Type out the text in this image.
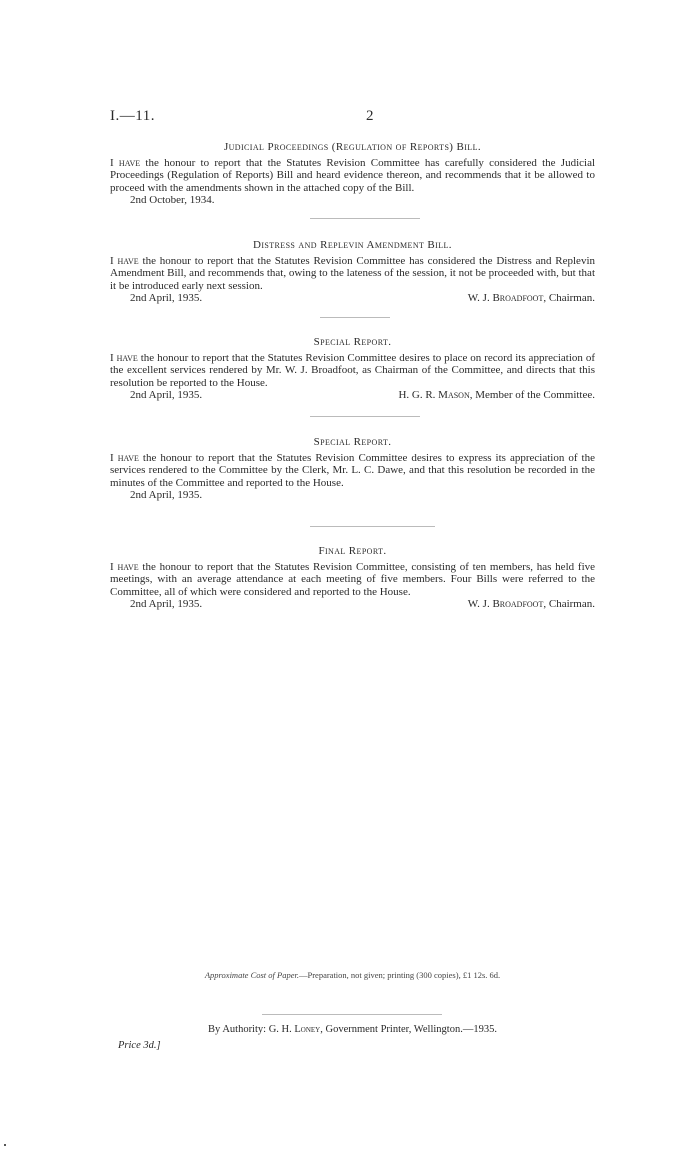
I.—11.	2
Judicial Proceedings (Regulation of Reports) Bill.

I have the honour to report that the Statutes Revision Committee has carefully considered the Judicial Proceedings (Regulation of Reports) Bill and heard evidence thereon, and recommends that it be allowed to proceed with the amendments shown in the attached copy of the Bill.

2nd October, 1934.
Distress and Replevin Amendment Bill.

I have the honour to report that the Statutes Revision Committee has considered the Distress and Replevin Amendment Bill, and recommends that, owing to the lateness of the session, it not be proceeded with, but that it be introduced early next session.

2nd April, 1935.	W. J. Broadfoot, Chairman.
Special Report.

I have the honour to report that the Statutes Revision Committee desires to place on record its appreciation of the excellent services rendered by Mr. W. J. Broadfoot, as Chairman of the Committee, and directs that this resolution be reported to the House.

2nd April, 1935.	H. G. R. Mason, Member of the Committee.
Special Report.

I have the honour to report that the Statutes Revision Committee desires to express its appreciation of the services rendered to the Committee by the Clerk, Mr. L. C. Dawe, and that this resolution be recorded in the minutes of the Committee and reported to the House.

2nd April, 1935.
Final Report.

I have the honour to report that the Statutes Revision Committee, consisting of ten members, has held five meetings, with an average attendance at each meeting of five members. Four Bills were referred to the Committee, all of which were considered and reported to the House.

2nd April, 1935.	W. J. Broadfoot, Chairman.
Approximate Cost of Paper.—Preparation, not given; printing (300 copies), £1 12s. 6d.
By Authority: G. H. Loney, Government Printer, Wellington.—1935.
Price 3d.]
